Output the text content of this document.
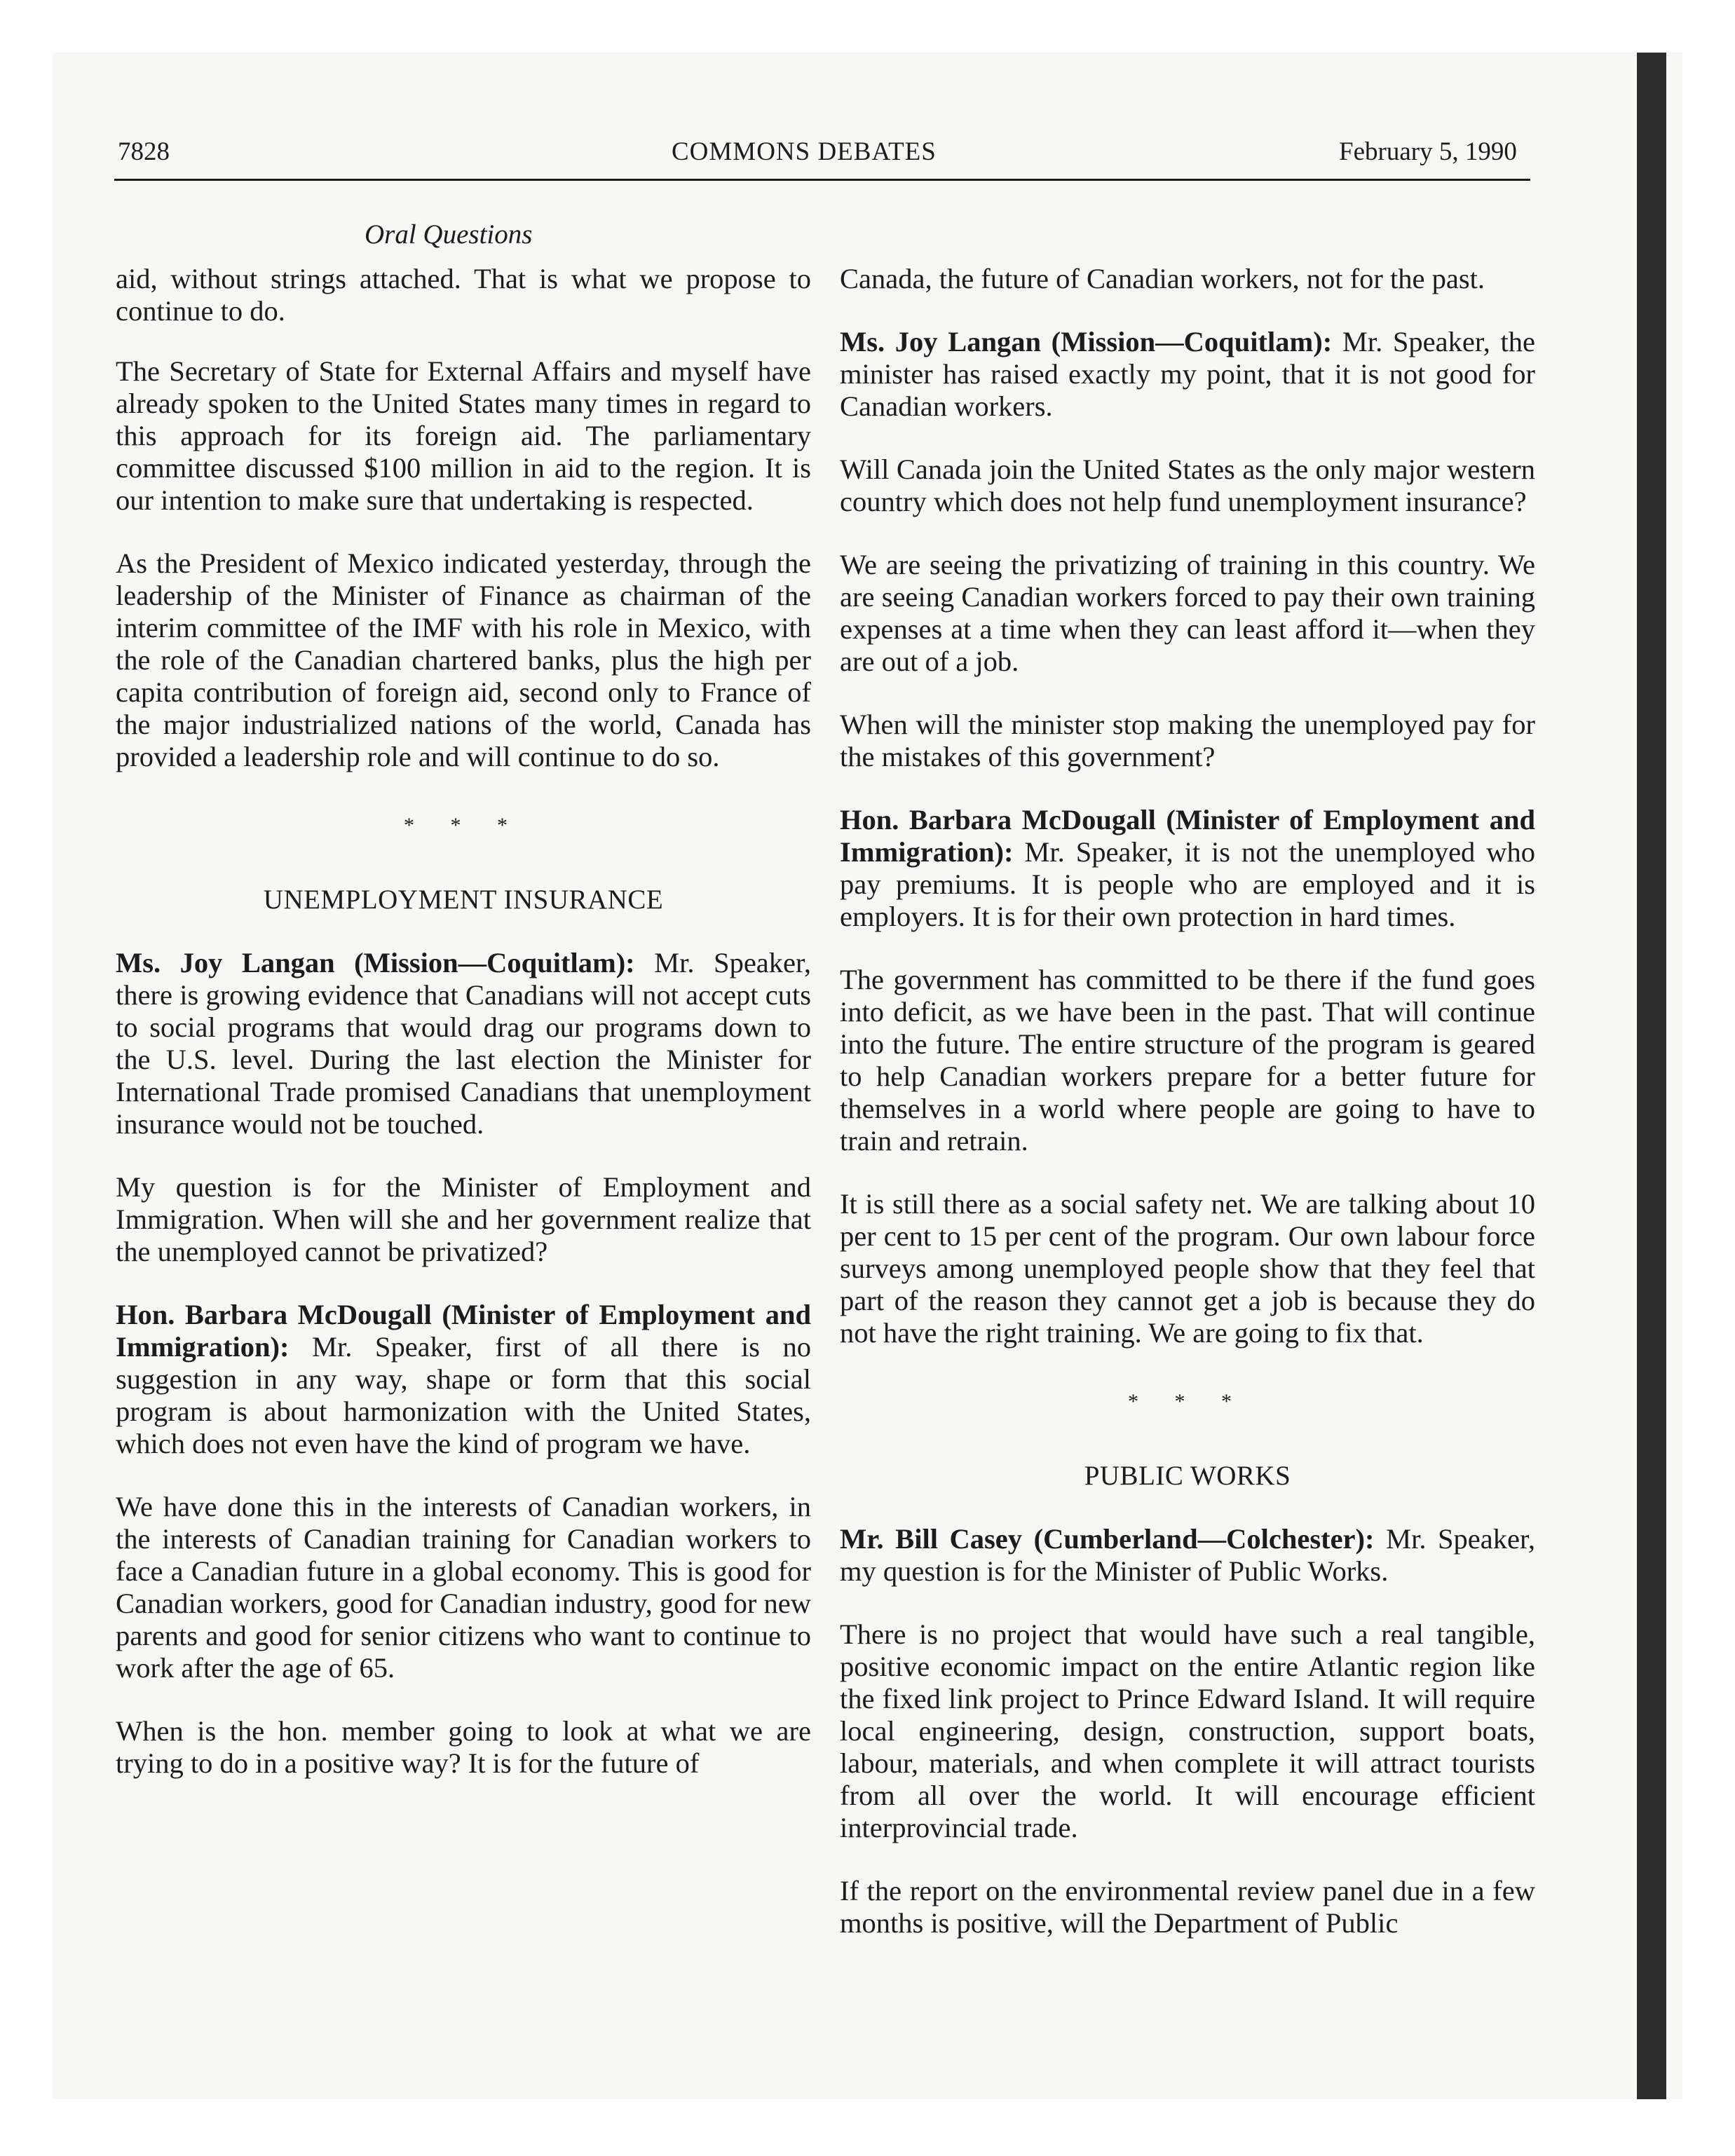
7828	COMMONS DEBATES	February 5, 1990
Oral Questions

aid, without strings attached. That is what we propose to continue to do.

The Secretary of State for External Affairs and myself have already spoken to the United States many times in regard to this approach for its foreign aid. The parliamentary committee discussed $100 million in aid to the region. It is our intention to make sure that undertaking is respected.

As the President of Mexico indicated yesterday, through the leadership of the Minister of Finance as chairman of the interim committee of the IMF with his role in Mexico, with the role of the Canadian chartered banks, plus the high per capita contribution of foreign aid, second only to France of the major industrialized nations of the world, Canada has provided a leadership role and will continue to do so.

* * *
UNEMPLOYMENT INSURANCE

Ms. Joy Langan (Mission—Coquitlam): Mr. Speaker, there is growing evidence that Canadians will not accept cuts to social programs that would drag our programs down to the U.S. level. During the last election the Minister for International Trade promised Canadians that unemployment insurance would not be touched.

My question is for the Minister of Employment and Immigration. When will she and her government realize that the unemployed cannot be privatized?

Hon. Barbara McDougall (Minister of Employment and Immigration): Mr. Speaker, first of all there is no suggestion in any way, shape or form that this social program is about harmonization with the United States, which does not even have the kind of program we have.

We have done this in the interests of Canadian workers, in the interests of Canadian training for Canadian workers to face a Canadian future in a global economy. This is good for Canadian workers, good for Canadian industry, good for new parents and good for senior citizens who want to continue to work after the age of 65.

When is the hon. member going to look at what we are trying to do in a positive way? It is for the future of

Canada, the future of Canadian workers, not for the past.

Ms. Joy Langan (Mission—Coquitlam): Mr. Speaker, the minister has raised exactly my point, that it is not good for Canadian workers.

Will Canada join the United States as the only major western country which does not help fund unemployment insurance?

We are seeing the privatizing of training in this country. We are seeing Canadian workers forced to pay their own training expenses at a time when they can least afford it—when they are out of a job.

When will the minister stop making the unemployed pay for the mistakes of this government?

Hon. Barbara McDougall (Minister of Employment and Immigration): Mr. Speaker, it is not the unemployed who pay premiums. It is people who are employed and it is employers. It is for their own protection in hard times.

The government has committed to be there if the fund goes into deficit, as we have been in the past. That will continue into the future. The entire structure of the program is geared to help Canadian workers prepare for a better future for themselves in a world where people are going to have to train and retrain.

It is still there as a social safety net. We are talking about 10 per cent to 15 per cent of the program. Our own labour force surveys among unemployed people show that they feel that part of the reason they cannot get a job is because they do not have the right training. We are going to fix that.

* * *
PUBLIC WORKS

Mr. Bill Casey (Cumberland—Colchester): Mr. Speaker, my question is for the Minister of Public Works.

There is no project that would have such a real tangible, positive economic impact on the entire Atlantic region like the fixed link project to Prince Edward Island. It will require local engineering, design, construction, support boats, labour, materials, and when complete it will attract tourists from all over the world. It will encourage efficient interprovincial trade.

If the report on the environmental review panel due in a few months is positive, will the Department of Public
